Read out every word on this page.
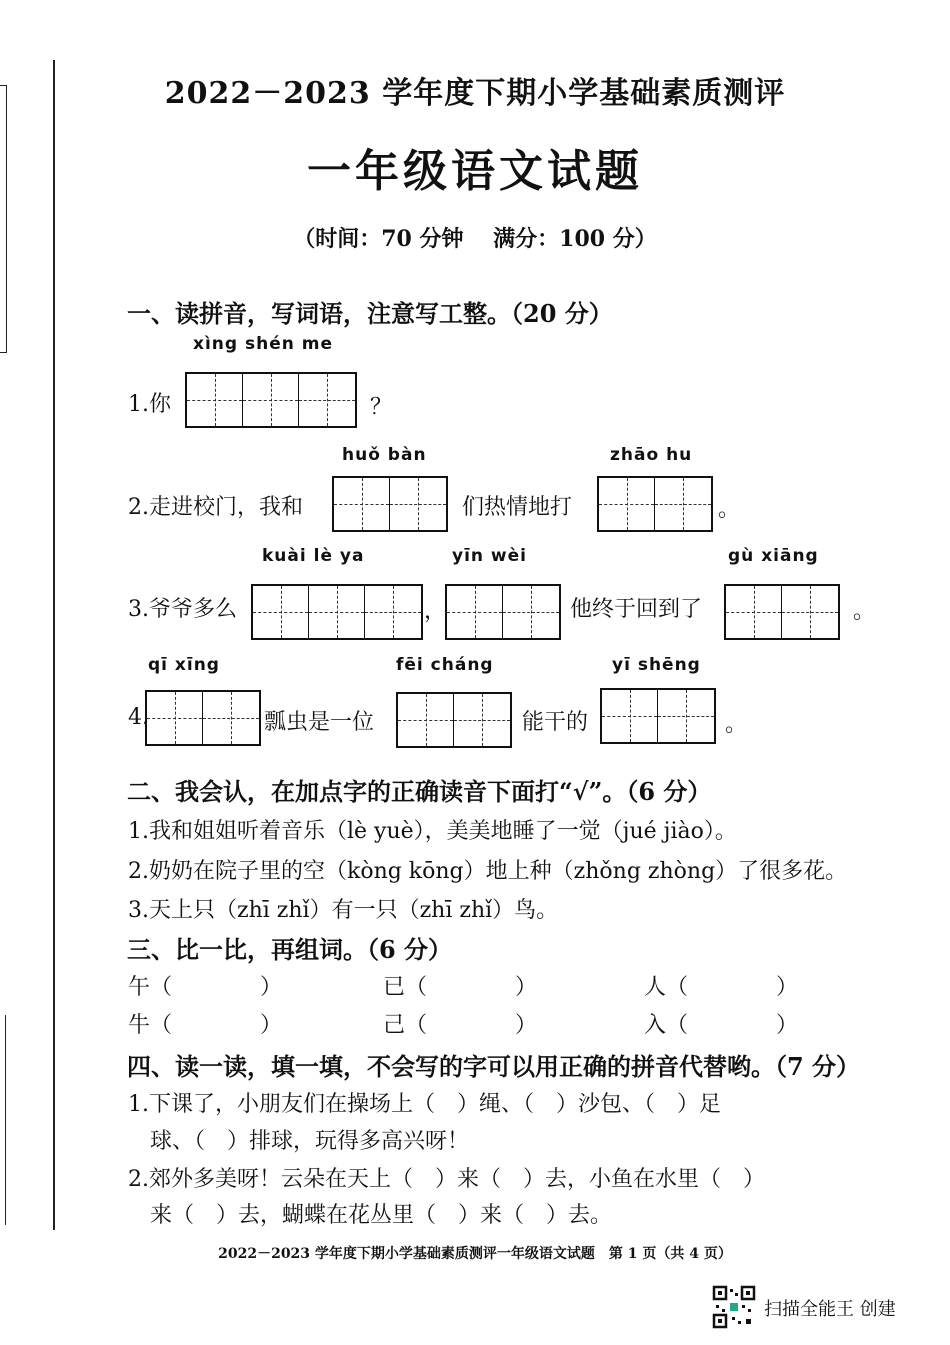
2022－2023 学年度下期小学基础素质测评
一年级语文试题
（时间：70 分钟　 满分：100 分）
一、读拼音，写词语，注意写工整。（20 分）
xìng shén me
1.你	？
huǒ bàn	zhāo hu
2.走进校门，我和	们热情地打	。
kuài lè ya	yīn wèi	gù xiāng
3.爷爷多么	，	他终于回到了	。
qī xīng	fēi cháng	yī shēng
4.	瓢虫是一位	能干的	。
二、我会认，在加点字的正确读音下面打“√”。（6 分）
1.我和姐姐听着音乐（lè yuè），美美地睡了一觉（jué jiào）。
2.奶奶在院子里的空（kòng kōng）地上种（zhǒng zhòng）了很多花。
3.天上只（zhī zhǐ）有一只（zhī zhǐ）鸟。
三、比一比，再组词。（6 分）
午（　　　　）	已（　　　　）	人（　　　　）
牛（　　　　）	己（　　　　）	入（　　　　）
四、读一读，填一填，不会写的字可以用正确的拼音代替哟。（7 分）
1.下课了，小朋友们在操场上（　）绳、（　）沙包、（　）足
　球、（　）排球，玩得多高兴呀！
2.郊外多美呀！云朵在天上（　）来（　）去，小鱼在水里（　）
　来（　）去，蝴蝶在花丛里（　）来（　）去。
2022－2023 学年度下期小学基础素质测评一年级语文试题　第 1 页（共 4 页）
扫描全能王 创建
